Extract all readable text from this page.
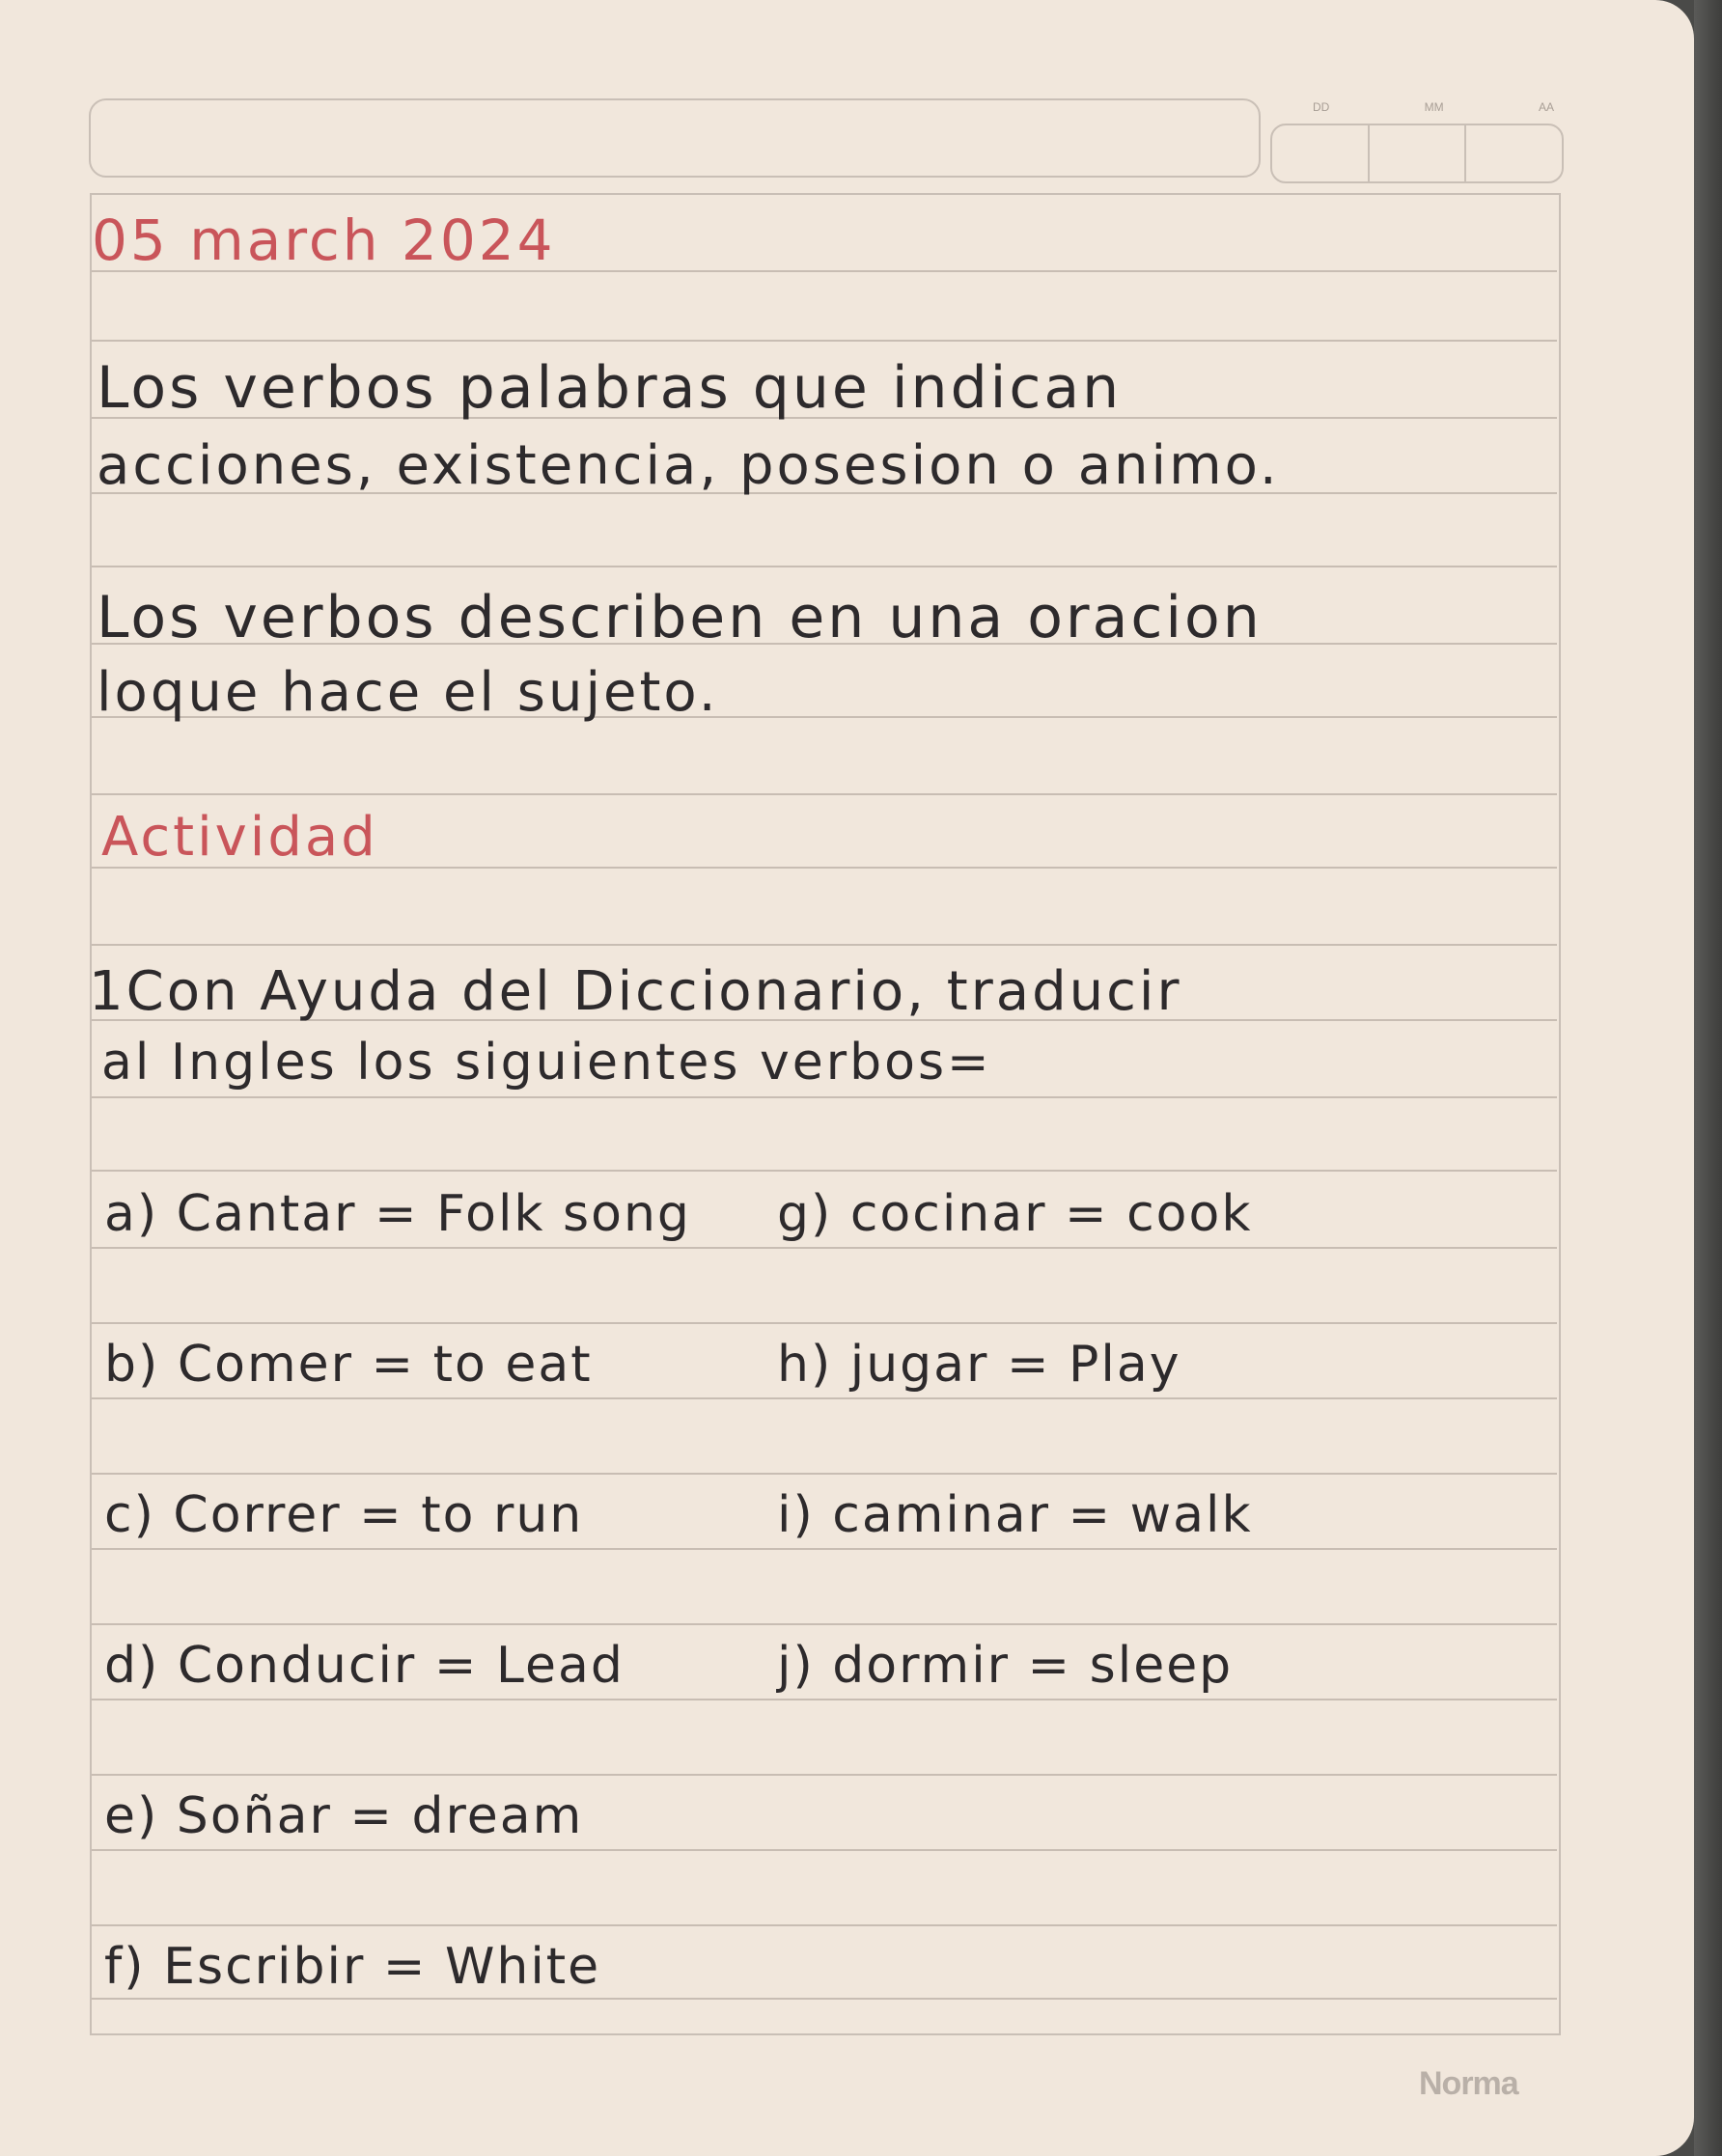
DD	MM	AA
05 march 2024
Los verbos palabras que indican
acciones, existencia, posesion o animo.
Los verbos describen en una oracion
loque hace el sujeto.
Actividad
1Con Ayuda del Diccionario, traducir
al Ingles los siguientes verbos=
a) Cantar = Folk song
b) Comer = to eat
c) Correr = to run
d) Conducir = Lead
e) Soñar = dream
f) Escribir = White
g) cocinar = cook
h) jugar = Play
i) caminar = walk
j) dormir = sleep
Norma
